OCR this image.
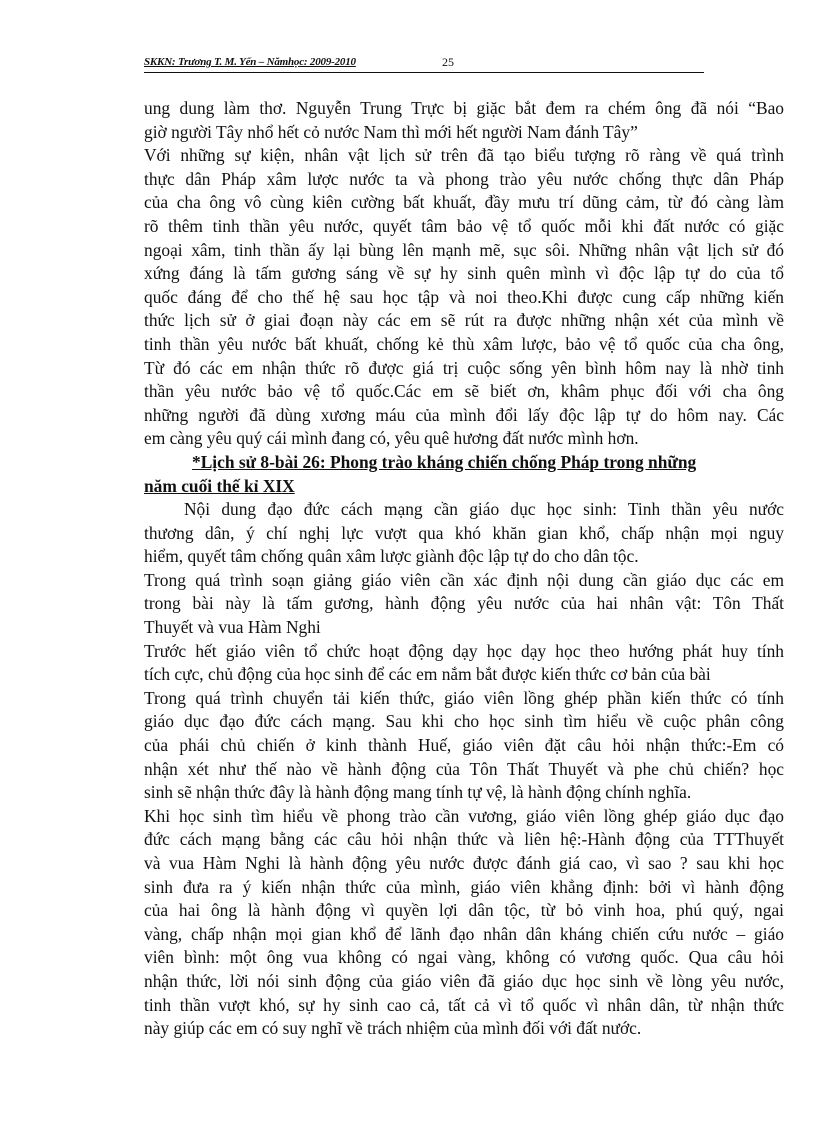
SKKN: Trương T. M. Yến – Nămhọc: 2009-2010	25
ung dung làm thơ. Nguyễn Trung Trực bị giặc bắt đem ra chém ông đã nói “Bao
giờ người Tây nhổ hết cỏ nước Nam thì mới hết người Nam đánh Tây”
Với những sự kiện, nhân vật lịch sử trên đã tạo biểu tượng rõ ràng về quá trình
thực dân Pháp xâm lược nước ta và phong trào yêu nước chống thực dân Pháp
của cha ông vô cùng kiên cường bất khuất, đầy mưu trí dũng cảm, từ đó càng làm
rõ thêm tinh thần yêu nước, quyết tâm bảo vệ tổ quốc mỗi khi đất nước có giặc
ngoại xâm, tinh thần ấy lại bùng lên mạnh mẽ, sục sôi. Những nhân vật lịch sử đó
xứng đáng là tấm gương sáng về sự hy sinh quên mình vì độc lập tự do của tổ
quốc đáng để cho thế hệ sau học tập và noi theo.Khi được cung cấp những kiến
thức lịch sử ở giai đoạn này các em sẽ rút ra được những nhận xét của mình về
tinh thần yêu nước bất khuất, chống kẻ thù xâm lược, bảo vệ tổ quốc của cha ông,
Từ đó các em nhận thức rõ được giá trị cuộc sống yên bình hôm nay là nhờ tinh
thần yêu nước bảo vệ tổ quốc.Các em sẽ biết ơn, khâm phục đối với cha ông
những người đã dùng xương máu của mình đổi lấy độc lập tự do hôm nay. Các
em càng yêu quý cái mình đang có, yêu quê hương đất nước mình hơn.
*Lịch sử 8-bài 26: Phong trào kháng chiến chống Pháp trong những
năm cuối thế kỉ XIX
Nội dung đạo đức cách mạng cần giáo dục học sinh: Tinh thần yêu nước
thương dân, ý chí nghị lực vượt qua khó khăn gian khổ, chấp nhận mọi nguy
hiểm, quyết tâm chống quân xâm lược giành độc lập tự do cho dân tộc.
Trong quá trình soạn giảng giáo viên cần xác định nội dung cần giáo dục các em
trong bài này là tấm gương, hành động yêu nước của hai nhân vật: Tôn Thất
Thuyết và vua Hàm Nghi
Trước hết giáo viên tổ chức hoạt động dạy học dạy học theo hướng phát huy tính
tích cực, chủ động của học sinh để các em nắm bắt được kiến thức cơ bản của bài
Trong quá trình chuyển tải kiến thức, giáo viên lồng ghép phần kiến thức có tính
giáo dục đạo đức cách mạng. Sau khi cho học sinh tìm hiểu về cuộc phân công
của phái chủ chiến ở kinh thành Huế, giáo viên đặt câu hỏi nhận thức:-Em có
nhận xét như thế nào về hành động của Tôn Thất Thuyết và phe chủ chiến? học
sinh sẽ nhận thức đây là hành động mang tính tự vệ, là hành động chính nghĩa.
Khi học sinh tìm hiểu về phong trào cần vương, giáo viên lồng ghép giáo dục đạo
đức cách mạng bằng các câu hỏi nhận thức và liên hệ:-Hành động của TTThuyết
và vua Hàm Nghi là hành động yêu nước được đánh giá cao, vì sao ? sau khi học
sinh đưa ra ý kiến nhận thức của mình, giáo viên khẳng định: bởi vì hành động
của hai ông là hành động vì quyền lợi dân tộc, từ bỏ vinh hoa, phú quý, ngai
vàng, chấp nhận mọi gian khổ để lãnh đạo nhân dân kháng chiến cứu nước – giáo
viên bình: một ông vua không có ngai vàng, không có vương quốc. Qua câu hỏi
nhận thức, lời nói sinh động của giáo viên đã giáo dục học sinh về lòng yêu nước,
tinh thần vượt khó, sự hy sinh cao cả, tất cả vì tổ quốc vì nhân dân, từ nhận thức
này giúp các em có suy nghĩ về trách nhiệm của mình đối với đất nước.
